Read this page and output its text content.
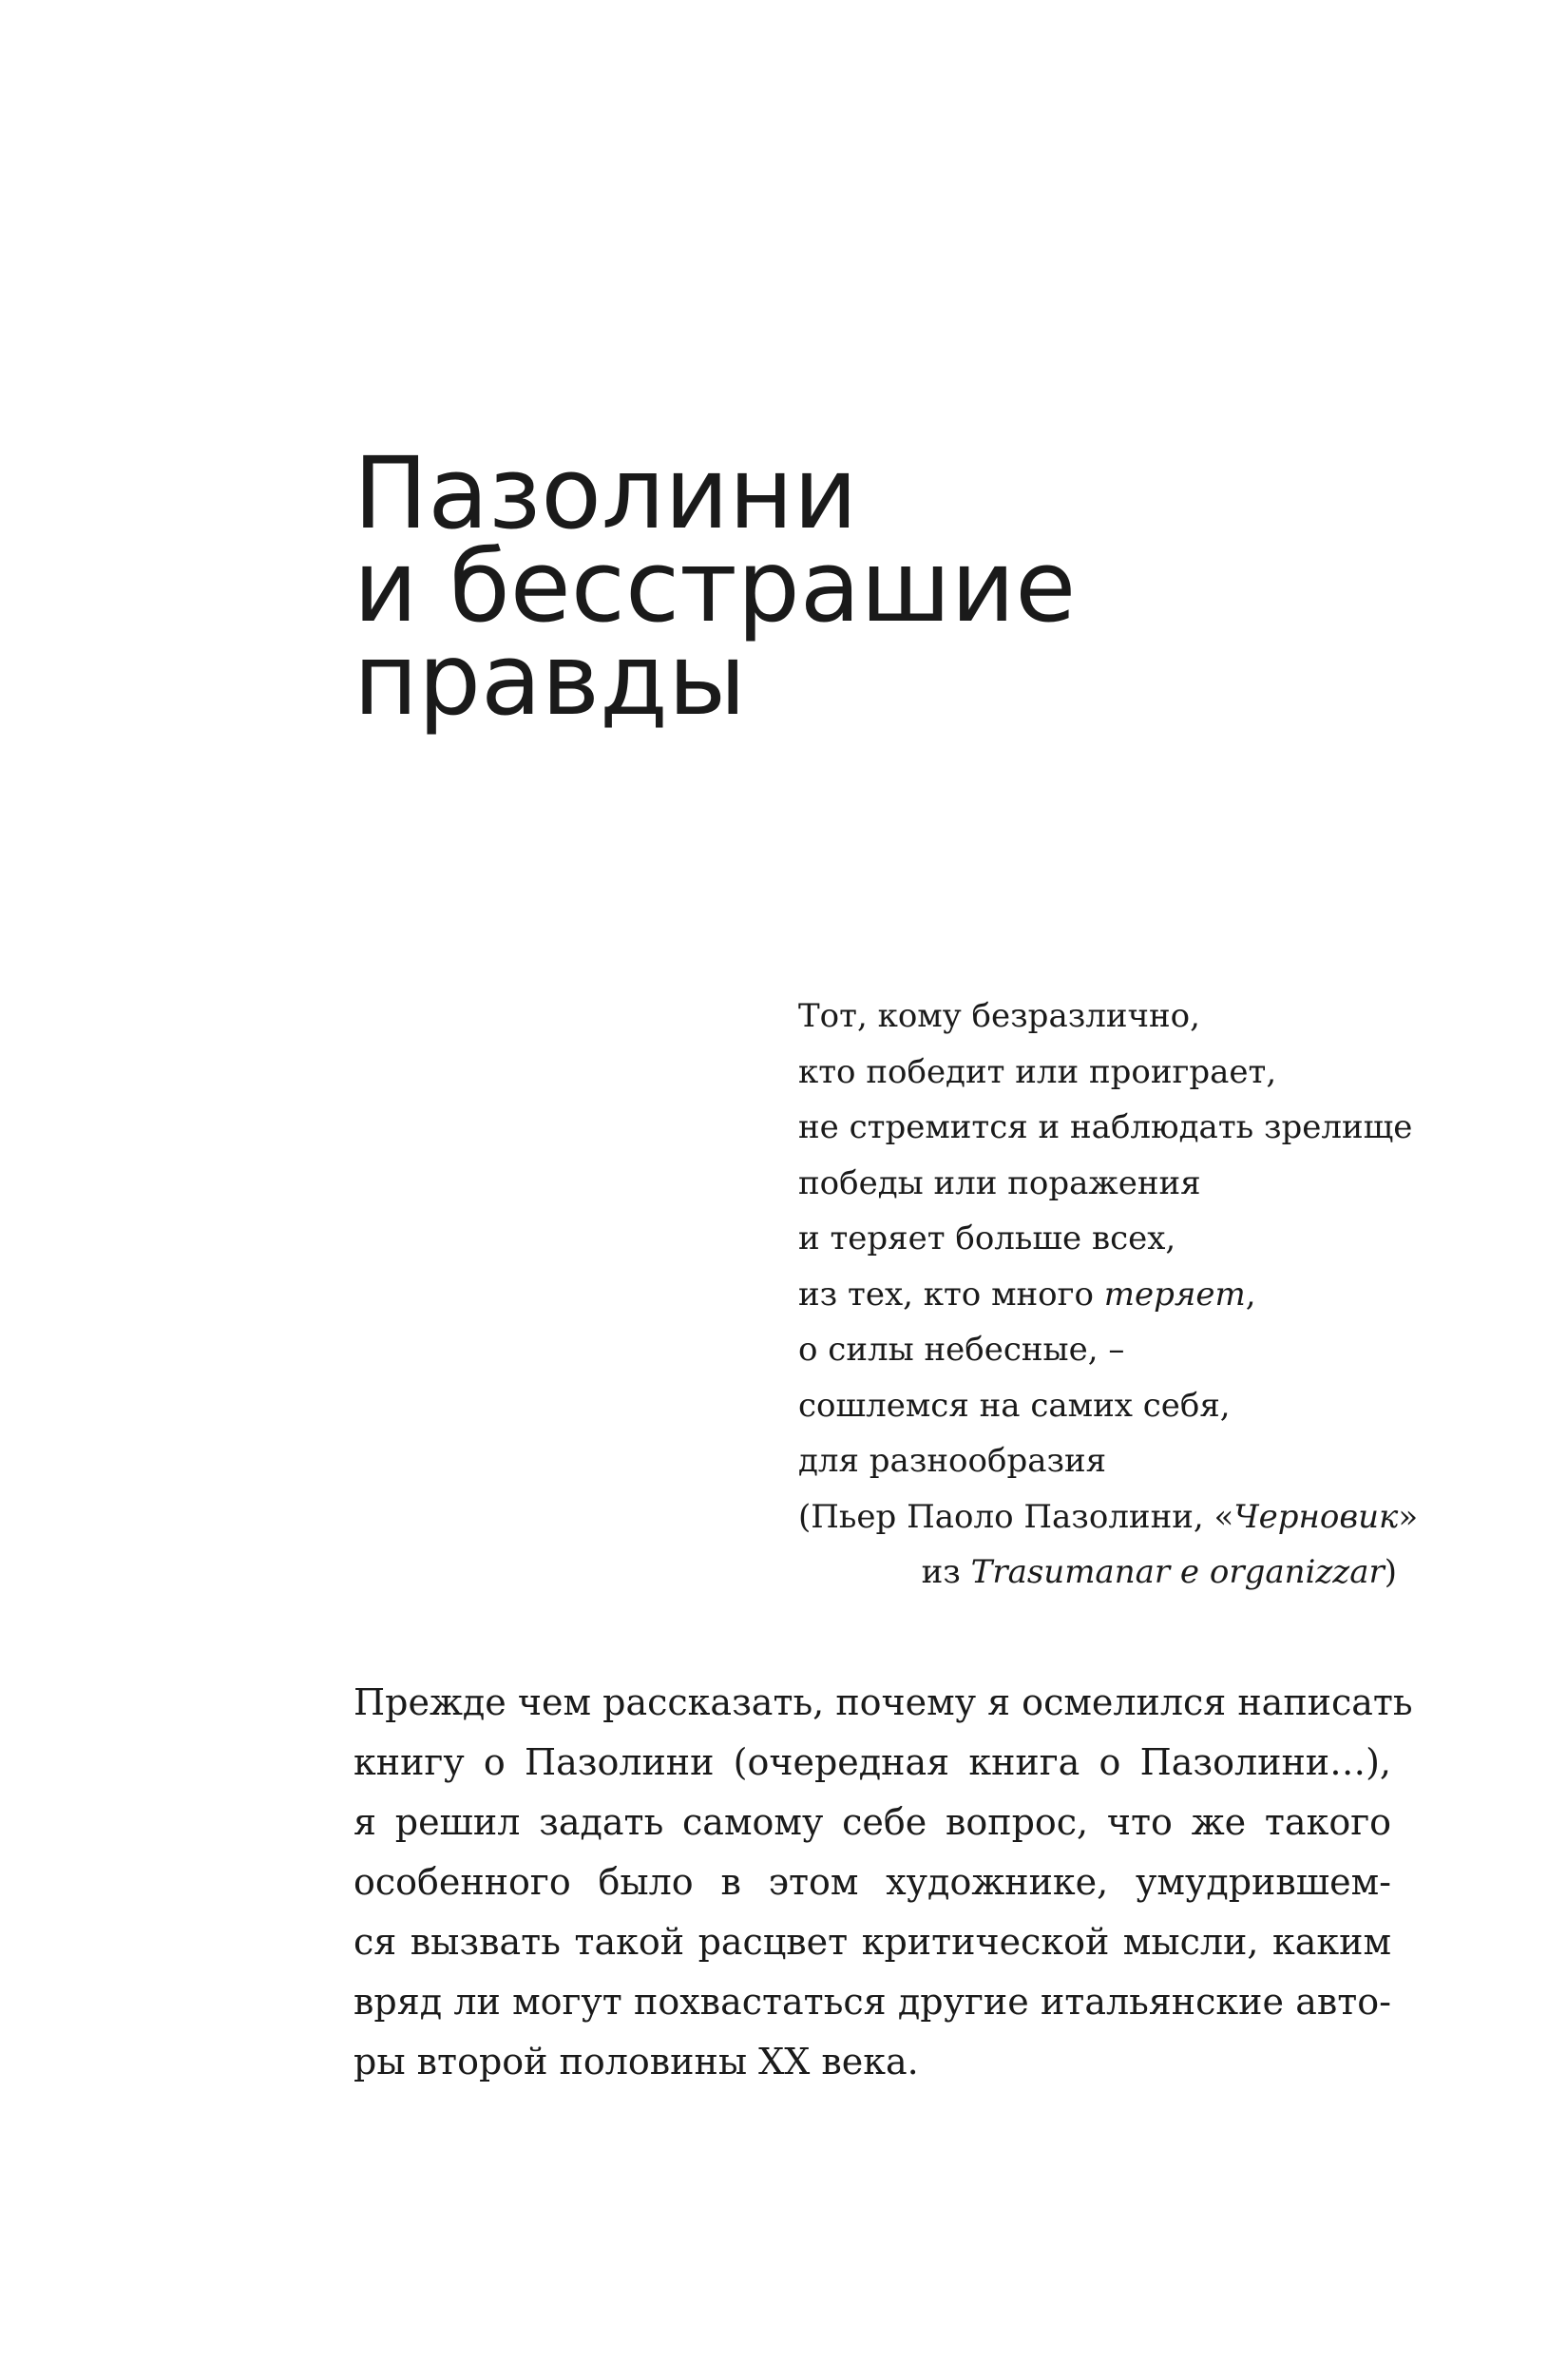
Пазолини
и бесстрашие
правды
Тот, кому безразлично,
кто победит или проиграет,
не стремится и наблюдать зрелище
победы или поражения
и теряет больше всех,
из тех, кто много теряет,
о силы небесные, –
сошлемся на самих себя,
для разнообразия
(Пьер Паоло Пазолини, «Черновик»
из Trasumanar e organizzar)
Прежде чем рассказать, почему я осмелился написать
книгу о Пазолини (очередная книга о Пазолини…),
я решил задать самому себе вопрос, что же такого
особенного было в этом художнике, умудрившем-
ся вызвать такой расцвет критической мысли, каким
вряд ли могут похвастаться другие итальянские авто-
ры второй половины XX века.
